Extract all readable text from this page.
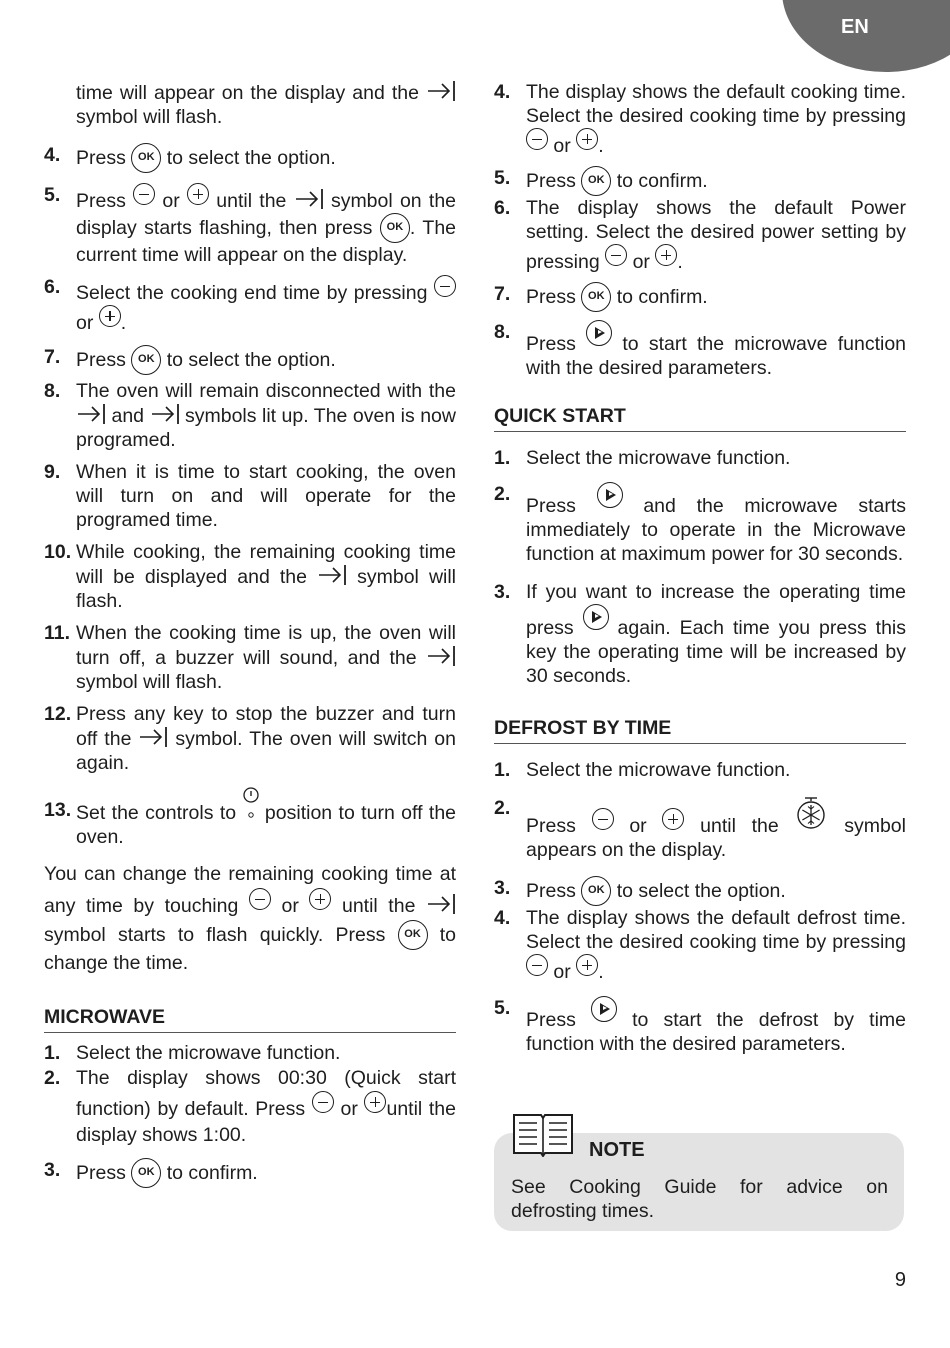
EN
time will appear on the display and the  symbol will flash.
4. Press OK to select the option.
5. Press or until the symbol on the display starts flashing, then press OK . The current time will appear on the display.
6. Select the cooking end time by pressing  or .
7. Press OK to select the option.
8. The oven will remain disconnected with the  and symbols lit up. The oven is now programed.
9. When it is time to start cooking, the oven will turn on and will operate for the programed time.
10. While cooking, the remaining cooking time will be displayed and the	symbol will flash.
11. When the cooking time is up, the oven will turn off, a buzzer will sound, and the  symbol will flash.
12. Press any key to stop the buzzer and turn off the symbol. The oven will switch on again.
13. Set the controls to position to turn off the oven.
You can change the remaining cooking time at any time by touching or until the  symbol starts to flash quickly. Press OK to change the time.
MICROWAVE
1. Select the microwave function.
2. The display shows 00:30 (Quick start function) by default. Press or until the display shows 1:00.
3. Press OK to confirm.
4. The display shows the default cooking time. Select the desired cooking time by pressing  or .
5. Press OK to confirm.
6. The display shows the default Power setting. Select the desired power setting by pressing or .
7. Press OK to confirm.
8.
Press to start the microwave function with the desired parameters.
QUICK START
1. Select the microwave function.
2.
Press	and the microwave starts immediately to operate in the Microwave function at maximum power for 30 seconds.
3. If you want to increase the operating time press again. Each time you press this key the operating time will be increased by 30 seconds.
DEFROST BY TIME
1. Select the microwave function.
2.
Press	or	until the	symbol appears on the display.
3. Press OK to select the option.
4. The display shows the default defrost time. Select the desired cooking time by pressing  or .
5.
Press	to start the defrost by time function with the desired parameters.
See Cooking Guide for advice on defrosting times.
NOTE
9
